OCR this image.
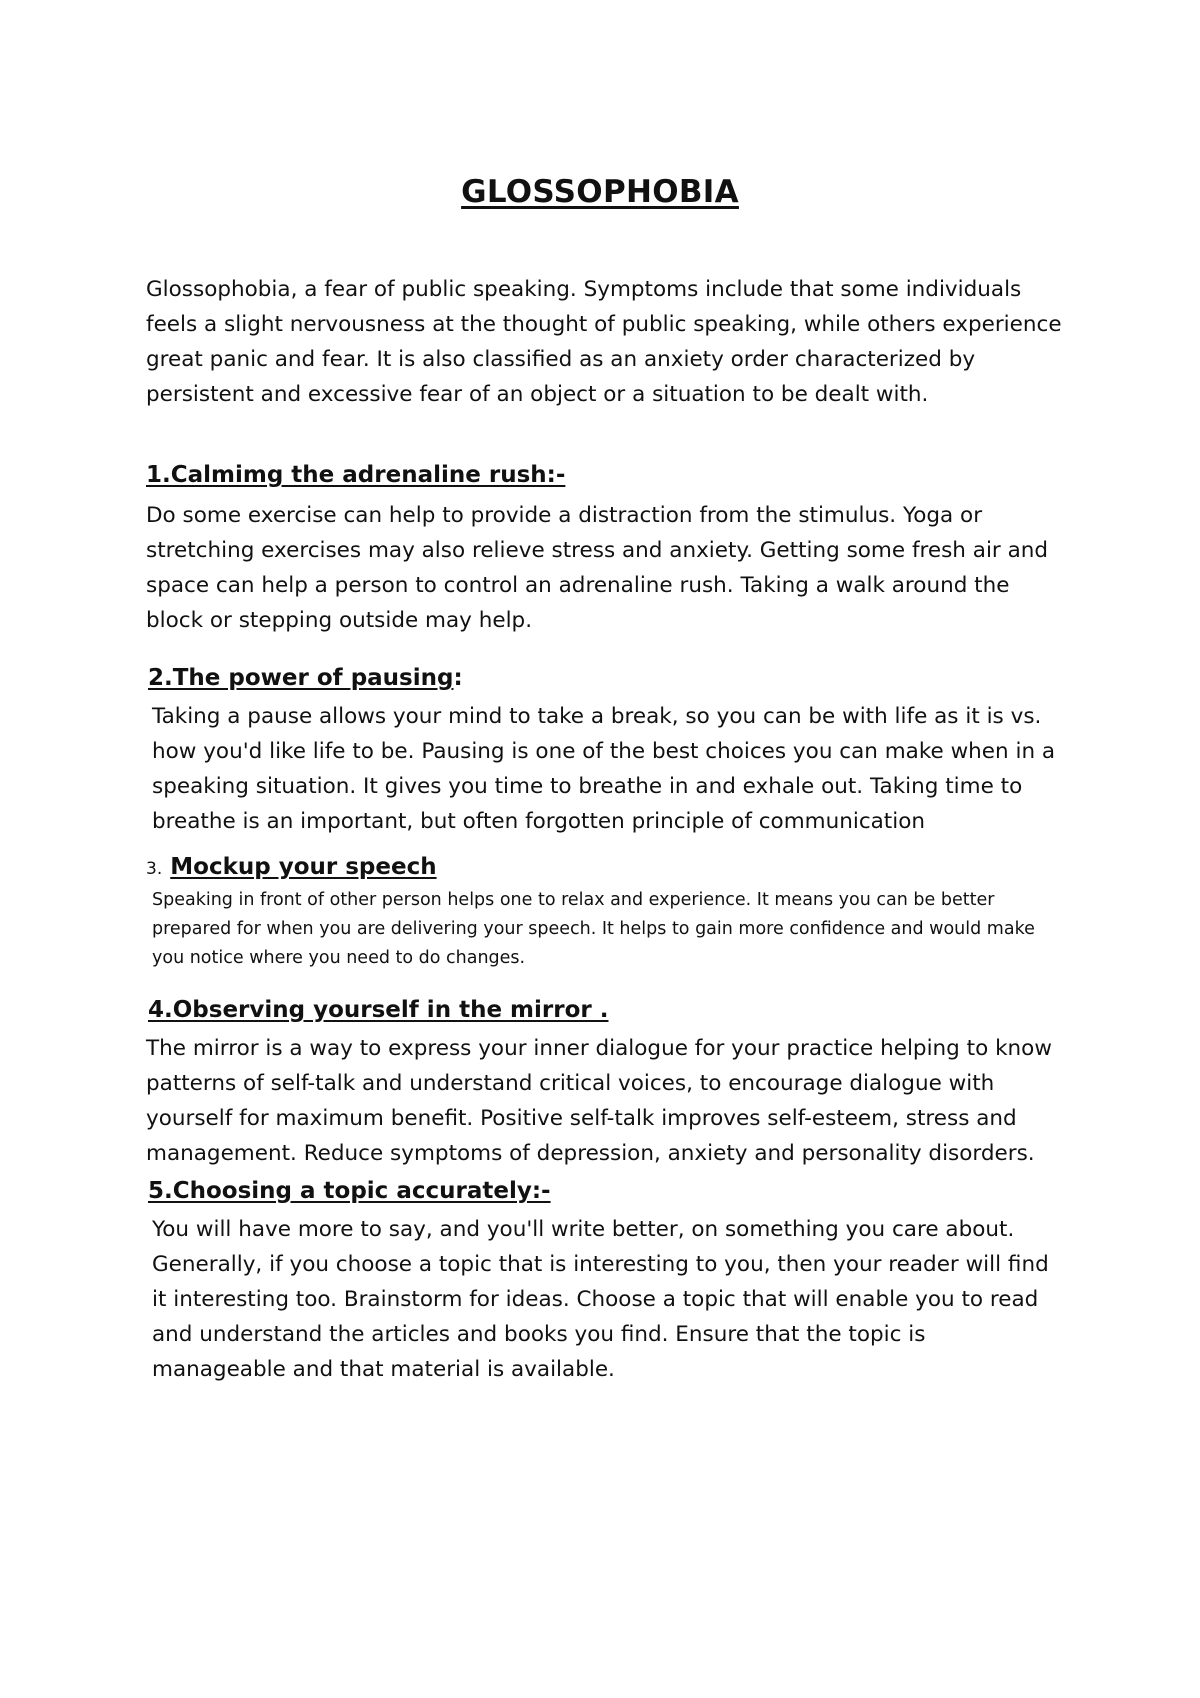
GLOSSOPHOBIA

Glossophobia, a fear of public speaking. Symptoms include that some individuals feels a slight nervousness at the thought of public speaking, while others experience great panic and fear. It is also classified as an anxiety order characterized by persistent and excessive fear of an object or a situation to be dealt with.

1.Calmimg the adrenaline rush:-

Do some exercise can help to provide a distraction from the stimulus. Yoga or stretching exercises may also relieve stress and anxiety. Getting some fresh air and space can help a person to control an adrenaline rush. Taking a walk around the block or stepping outside may help.

2.The power of pausing:

Taking a pause allows your mind to take a break, so you can be with life as it is vs. how you'd like life to be. Pausing is one of the best choices you can make when in a speaking situation. It gives you time to breathe in and exhale out. Taking time to breathe is an important, but often forgotten principle of communication

3. Mockup your speech

Speaking in front of other person helps one to relax and experience. It means you can be better prepared for when you are delivering your speech. It helps to gain more confidence and would make you notice where you need to do changes.

4.Observing yourself in the mirror .

The mirror is a way to express your inner dialogue for your practice helping to know patterns of self-talk and understand critical voices, to encourage dialogue with yourself for maximum benefit. Positive self-talk improves self-esteem, stress and management. Reduce symptoms of depression, anxiety and personality disorders.

5.Choosing a topic accurately:-

You will have more to say, and you'll write better, on something you care about. Generally, if you choose a topic that is interesting to you, then your reader will find it interesting too. Brainstorm for ideas. Choose a topic that will enable you to read and understand the articles and books you find. Ensure that the topic is manageable and that material is available.
